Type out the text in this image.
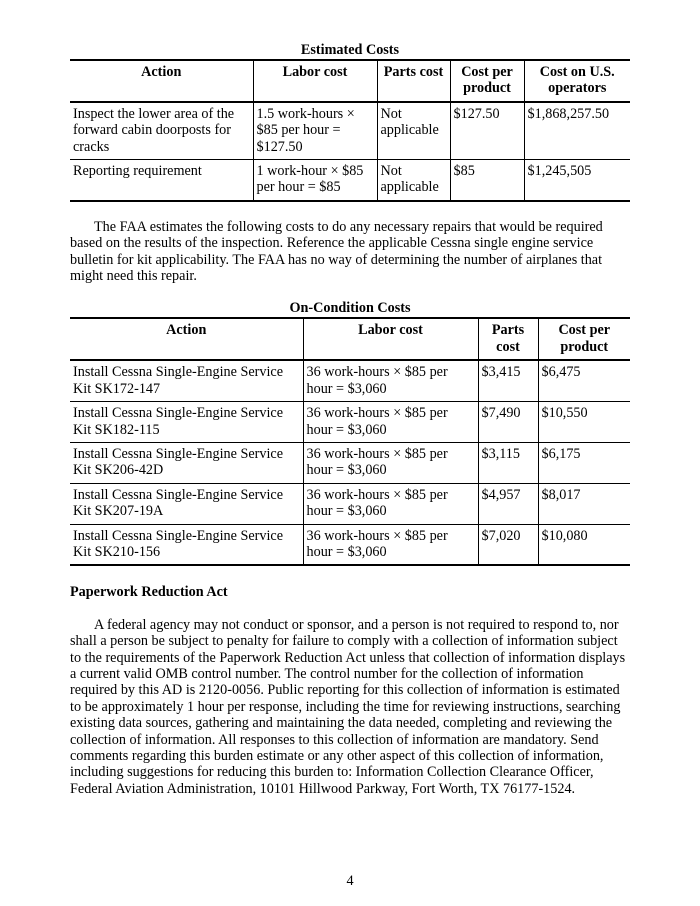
Estimated Costs
Action	Labor cost	Parts cost	Cost per product	Cost on U.S. operators
Inspect the lower area of the forward cabin doorposts for cracks	1.5 work-hours × $85 per hour = $127.50	Not applicable	$127.50	$1,868,257.50
Reporting requirement	1 work-hour × $85 per hour = $85	Not applicable	$85	$1,245,505

The FAA estimates the following costs to do any necessary repairs that would be required based on the results of the inspection. Reference the applicable Cessna single engine service bulletin for kit applicability. The FAA has no way of determining the number of airplanes that might need this repair.

On-Condition Costs
Action	Labor cost	Parts cost	Cost per product
Install Cessna Single-Engine Service Kit SK172-147	36 work-hours × $85 per hour = $3,060	$3,415	$6,475
Install Cessna Single-Engine Service Kit SK182-115	36 work-hours × $85 per hour = $3,060	$7,490	$10,550
Install Cessna Single-Engine Service Kit SK206-42D	36 work-hours × $85 per hour = $3,060	$3,115	$6,175
Install Cessna Single-Engine Service Kit SK207-19A	36 work-hours × $85 per hour = $3,060	$4,957	$8,017
Install Cessna Single-Engine Service Kit SK210-156	36 work-hours × $85 per hour = $3,060	$7,020	$10,080
Paperwork Reduction Act

A federal agency may not conduct or sponsor, and a person is not required to respond to, nor shall a person be subject to penalty for failure to comply with a collection of information subject to the requirements of the Paperwork Reduction Act unless that collection of information displays a current valid OMB control number. The control number for the collection of information required by this AD is 2120-0056. Public reporting for this collection of information is estimated to be approximately 1 hour per response, including the time for reviewing instructions, searching existing data sources, gathering and maintaining the data needed, completing and reviewing the collection of information. All responses to this collection of information are mandatory. Send comments regarding this burden estimate or any other aspect of this collection of information, including suggestions for reducing this burden to: Information Collection Clearance Officer, Federal Aviation Administration, 10101 Hillwood Parkway, Fort Worth, TX 76177-1524.

4
